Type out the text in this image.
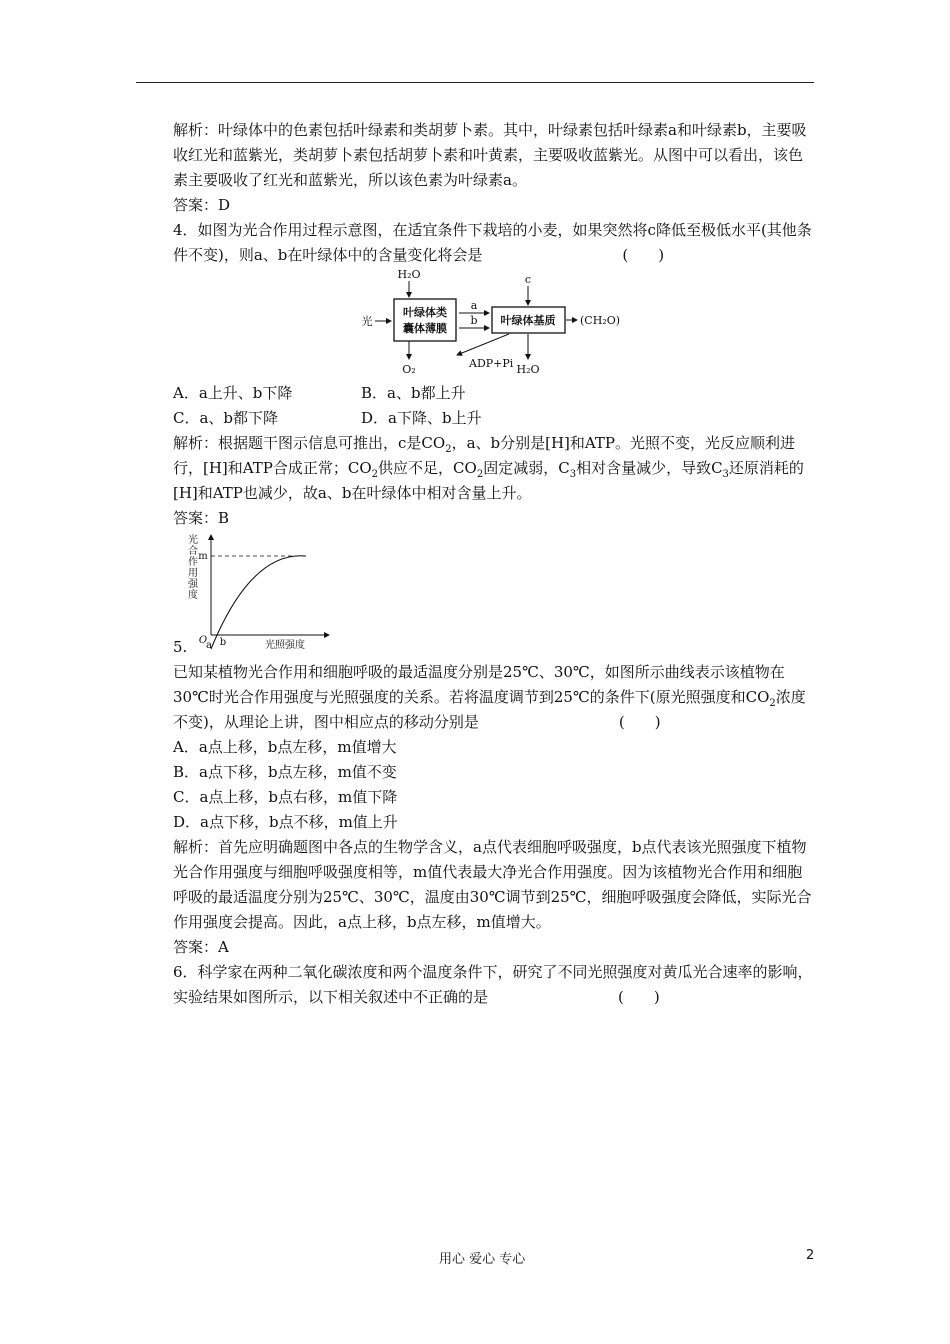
解析：叶绿体中的色素包括叶绿素和类胡萝卜素。其中，叶绿素包括叶绿素a和叶绿素b，主要吸收红光和蓝紫光，类胡萝卜素包括胡萝卜素和叶黄素，主要吸收蓝紫光。从图中可以看出，该色素主要吸收了红光和蓝紫光，所以该色素为叶绿素a。

答案：D

4．如图为光合作用过程示意图，在适宜条件下栽培的小麦，如果突然将c降低至极低水平(其他条件不变)，则a、b在叶绿体中的含量变化将会是	(　　)

H₂O
光
叶绿体类
囊体薄膜
a
b 叶绿体基质
c
(CH₂O)
O₂	ADP+Pi H₂O
A．a上升、b下降	B．a、b都上升
C．a、b都下降	D．a下降、b上升

解析：根据题干图示信息可推出，c是$CO_2$，a、b分别是[H]和ATP。光照不变，光反应顺利进行，[H]和ATP合成正常；$CO_2$供应不足，$CO_2$固定减弱，$C_3$相对含量减少，导致$C_3$还原消耗的[H]和ATP也减少，故a、b在叶绿体中相对含量上升。

答案：B

光
合
作
用
强
度
m
O
a b	光照强度

5.

已知某植物光合作用和细胞呼吸的最适温度分别是25℃、30℃，如图所示曲线表示该植物在30℃时光合作用强度与光照强度的关系。若将温度调节到25℃的条件下(原光照强度和$CO_2$浓度不变)，从理论上讲，图中相应点的移动分别是	(　　)

A．a点上移，b点左移，m值增大

B．a点下移，b点左移，m值不变

C．a点上移，b点右移，m值下降

D．a点下移，b点不移，m值上升

解析：首先应明确题图中各点的生物学含义，a点代表细胞呼吸强度，b点代表该光照强度下植物光合作用强度与细胞呼吸强度相等，m值代表最大净光合作用强度。因为该植物光合作用和细胞呼吸的最适温度分别为25℃、30℃，温度由30℃调节到25℃，细胞呼吸强度会降低，实际光合作用强度会提高。因此，a点上移，b点左移，m值增大。

答案：A

6．科学家在两种二氧化碳浓度和两个温度条件下，研究了不同光照强度对黄瓜光合速率的影响，实验结果如图所示，以下相关叙述中不正确的是	(　　)

用心 爱心 专心	2
